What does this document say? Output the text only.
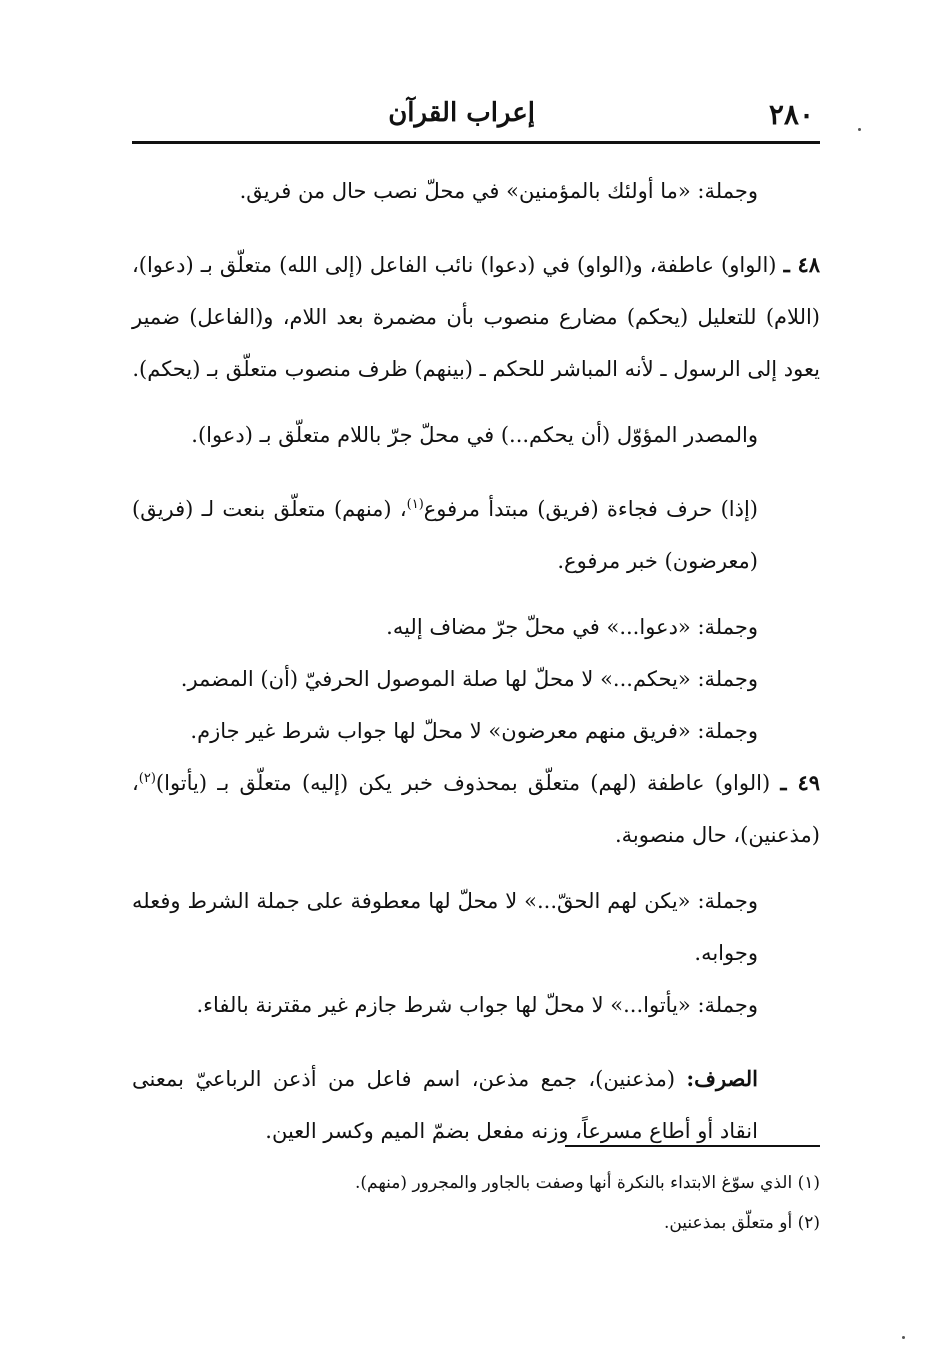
٢٨٠
إعراب القرآن

وجملة: «ما أولئك بالمؤمنين» في محلّ نصب حال من فريق.

٤٨ ـ (الواو) عاطفة، و(الواو) في (دعوا) نائب الفاعل (إلى الله) متعلّق بـ (دعوا)، (اللام) للتعليل (يحكم) مضارع منصوب بأن مضمرة بعد اللام، و(الفاعل) ضمير يعود إلى الرسول ـ لأنه المباشر للحكم ـ (بينهم) ظرف منصوب متعلّق بـ (يحكم).

والمصدر المؤوّل (أن يحكم...) في محلّ جرّ باللام متعلّق بـ (دعوا).

(إذا) حرف فجاءة (فريق) مبتدأ مرفوع$^{(١)}$، (منهم) متعلّق بنعت لـ (فريق) (معرضون) خبر مرفوع.

وجملة: «دعوا...» في محلّ جرّ مضاف إليه.

وجملة: «يحكم...» لا محلّ لها صلة الموصول الحرفيّ (أن) المضمر.

وجملة: «فريق منهم معرضون» لا محلّ لها جواب شرط غير جازم.

٤٩ ـ (الواو) عاطفة (لهم) متعلّق بمحذوف خبر يكن (إليه) متعلّق بـ (يأتوا)$^{(٢)}$، (مذعنين)، حال منصوبة.

وجملة: «يكن لهم الحقّ...» لا محلّ لها معطوفة على جملة الشرط وفعله وجوابه.

وجملة: «يأتوا...» لا محلّ لها جواب شرط جازم غير مقترنة بالفاء.

الصرف: (مذعنين)، جمع مذعن، اسم فاعل من أذعن الرباعيّ بمعنى انقاد أو أطاع مسرعاً، وزنه مفعل بضمّ الميم وكسر العين.

(١) الذي سوّغ الابتداء بالنكرة أنها وصفت بالجاور والمجرور (منهم).

(٢) أو متعلّق بمذعنين.
